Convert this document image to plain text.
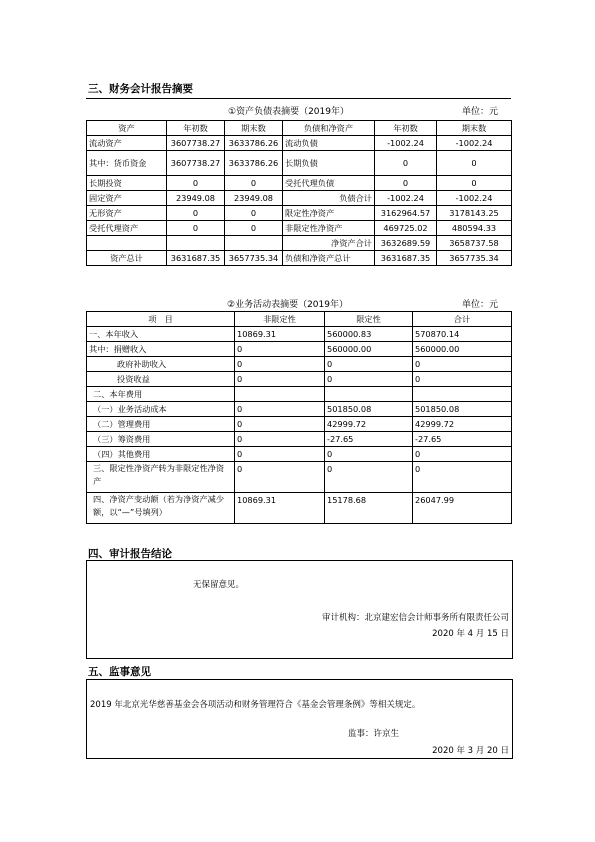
三、财务会计报告摘要
①资产负债表摘要（2019年）	单位：元
资产	年初数	期末数	负债和净资产	年初数	期末数
流动资产	3607738.27	3633786.26	流动负债	-1002.24	-1002.24
其中：货币资金	3607738.27	3633786.26	长期负债	0	0
长期投资	0	0	受托代理负债	0	0
固定资产	23949.08	23949.08	负债合计	-1002.24	-1002.24
无形资产	0	0	限定性净资产	3162964.57	3178143.25
受托代理资产	0	0	非限定性净资产	469725.02	480594.33
			净资产合计	3632689.59	3658737.58
资产总计	3631687.35	3657735.34	负债和净资产总计	3631687.35	3657735.34
②业务活动表摘要（2019年）	单位：元
项　目	非限定性	限定性	合计
一、本年收入	10869.31	560000.83	570870.14
其中：捐赠收入	0	560000.00	560000.00
政府补助收入	0	0	0
投资收益	0	0	0
二、本年费用			
（一）业务活动成本	0	501850.08	501850.08
（二）管理费用	0	42999.72	42999.72
（三）筹资费用	0	-27.65	-27.65
（四）其他费用	0	0	0
三、限定性净资产转为非限定性净资产	0	0	0
四、净资产变动额（若为净资产减少额，以“—”号填列）	10869.31	15178.68	26047.99
四、审计报告结论
无保留意见。
审计机构：北京建宏信会计师事务所有限责任公司
2020 年 4 月 15 日
五、监事意见
2019 年北京光华慈善基金会各项活动和财务管理符合《基金会管理条例》等相关规定。
监事：许京生
2020 年 3 月 20 日
